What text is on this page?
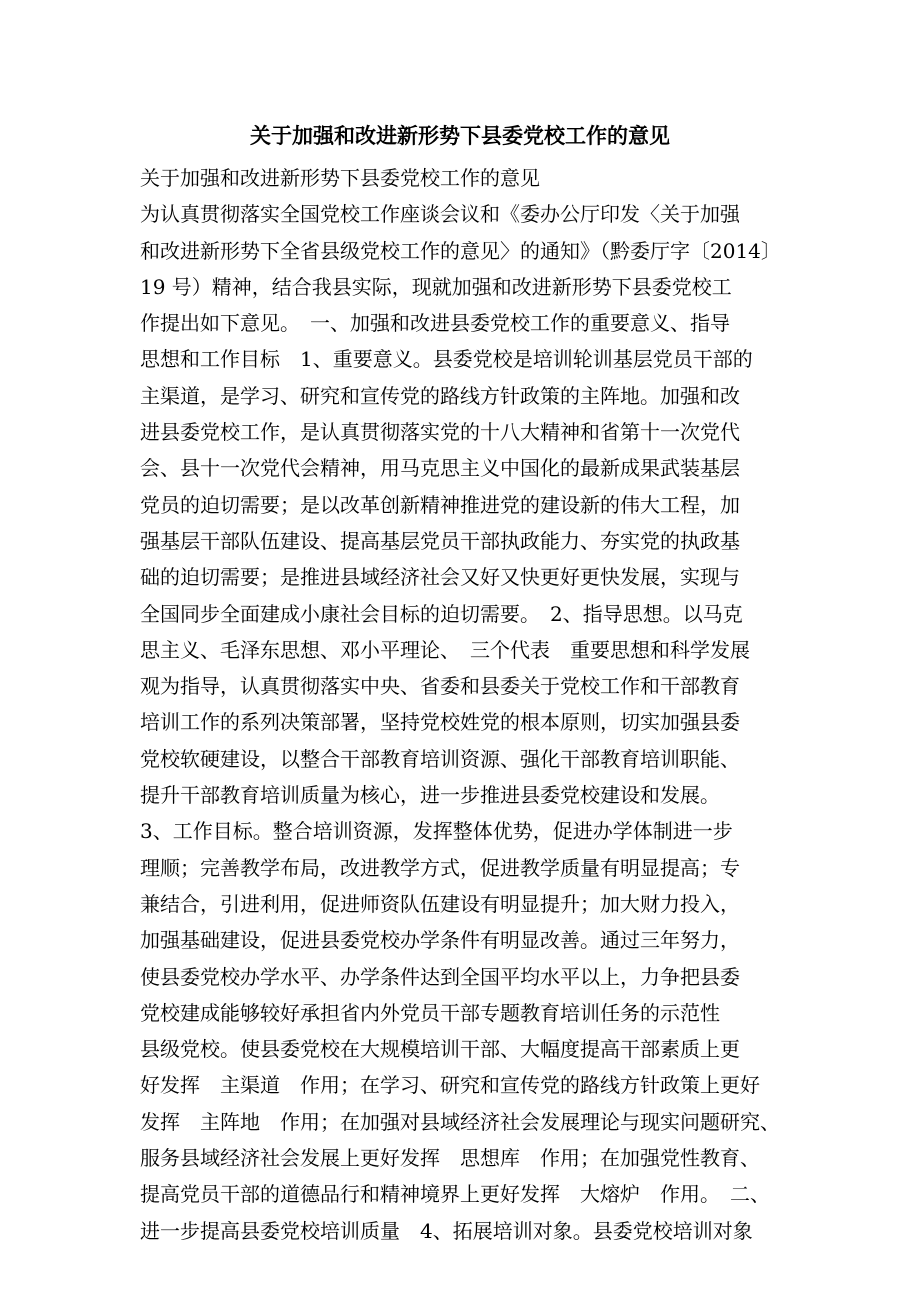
关于加强和改进新形势下县委党校工作的意见
关于加强和改进新形势下县委党校工作的意见
为认真贯彻落实全国党校工作座谈会议和《委办公厅印发〈关于加强
和改进新形势下全省县级党校工作的意见〉的通知》（黔委厅字〔2014〕
19 号）精神，结合我县实际，现就加强和改进新形势下县委党校工
作提出如下意见。　一、加强和改进县委党校工作的重要意义、指导
思想和工作目标　1、重要意义。县委党校是培训轮训基层党员干部的
主渠道，是学习、研究和宣传党的路线方针政策的主阵地。加强和改
进县委党校工作，是认真贯彻落实党的十八大精神和省第十一次党代
会、县十一次党代会精神，用马克思主义中国化的最新成果武装基层
党员的迫切需要；是以改革创新精神推进党的建设新的伟大工程，加
强基层干部队伍建设、提高基层党员干部执政能力、夯实党的执政基
础的迫切需要；是推进县域经济社会又好又快更好更快发展，实现与
全国同步全面建成小康社会目标的迫切需要。　2、指导思想。以马克
思主义、毛泽东思想、邓小平理论、　三个代表　重要思想和科学发展
观为指导，认真贯彻落实中央、省委和县委关于党校工作和干部教育
培训工作的系列决策部署，坚持党校姓党的根本原则，切实加强县委
党校软硬建设，以整合干部教育培训资源、强化干部教育培训职能、
提升干部教育培训质量为核心，进一步推进县委党校建设和发展。
3、工作目标。整合培训资源，发挥整体优势，促进办学体制进一步
理顺；完善教学布局，改进教学方式，促进教学质量有明显提高；专
兼结合，引进利用，促进师资队伍建设有明显提升；加大财力投入，
加强基础建设，促进县委党校办学条件有明显改善。通过三年努力，
使县委党校办学水平、办学条件达到全国平均水平以上，力争把县委
党校建成能够较好承担省内外党员干部专题教育培训任务的示范性
县级党校。使县委党校在大规模培训干部、大幅度提高干部素质上更
好发挥　主渠道　作用；在学习、研究和宣传党的路线方针政策上更好
发挥　主阵地　作用；在加强对县域经济社会发展理论与现实问题研究、
服务县域经济社会发展上更好发挥　思想库　作用；在加强党性教育、
提高党员干部的道德品行和精神境界上更好发挥　大熔炉　作用。　二、
进一步提高县委党校培训质量　4、拓展培训对象。县委党校培训对象
